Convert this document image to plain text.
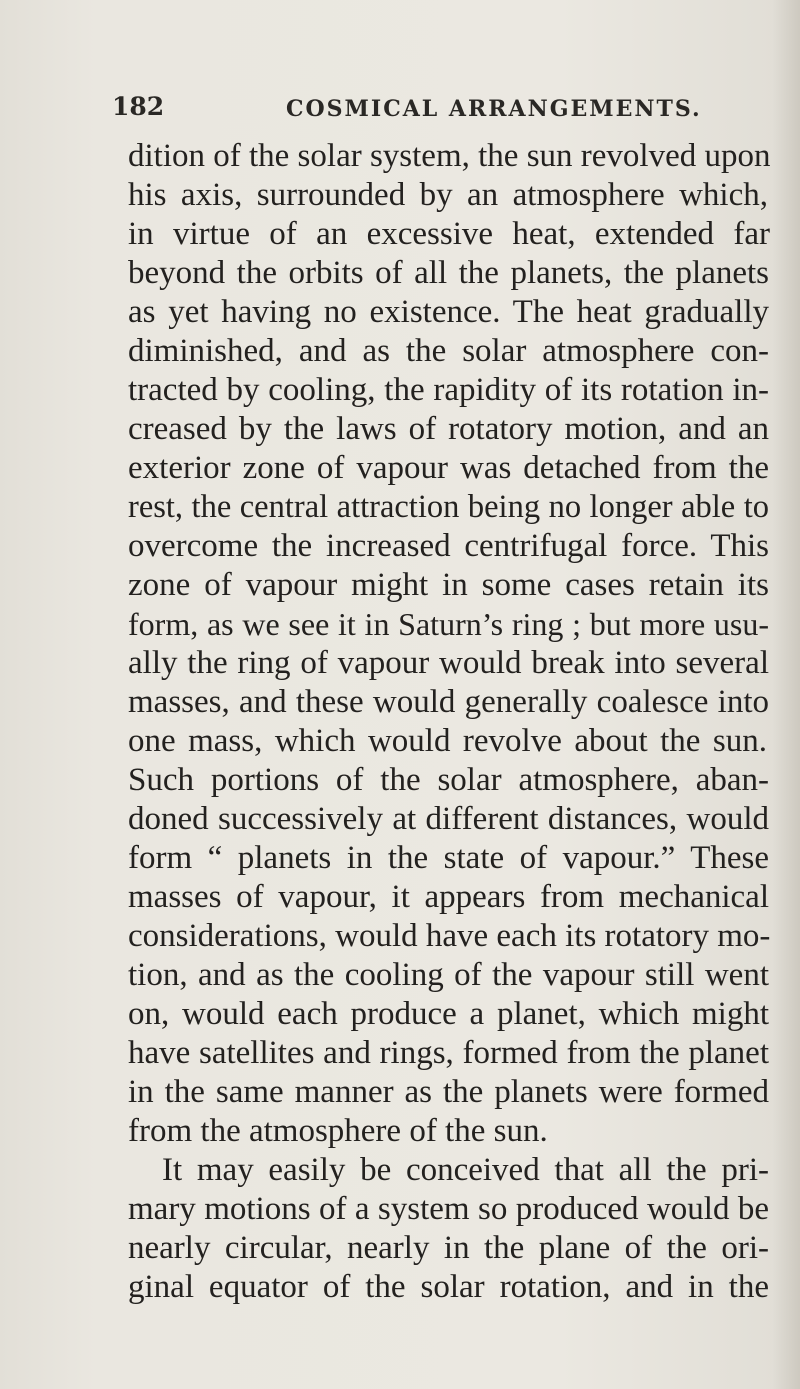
182	COSMICAL ARRANGEMENTS.
dition of the solar system, the sun revolved upon
his axis, surrounded by an atmosphere which,
in virtue of an excessive heat, extended far
beyond the orbits of all the planets, the planets
as yet having no existence. The heat gradually
diminished, and as the solar atmosphere con-
tracted by cooling, the rapidity of its rotation in-
creased by the laws of rotatory motion, and an
exterior zone of vapour was detached from the
rest, the central attraction being no longer able to
overcome the increased centrifugal force. This
zone of vapour might in some cases retain its
form, as we see it in Saturn’s ring ; but more usu-
ally the ring of vapour would break into several
masses, and these would generally coalesce into
one mass, which would revolve about the sun.
Such portions of the solar atmosphere, aban-
doned successively at different distances, would
form “ planets in the state of vapour.” These
masses of vapour, it appears from mechanical
considerations, would have each its rotatory mo-
tion, and as the cooling of the vapour still went
on, would each produce a planet, which might
have satellites and rings, formed from the planet
in the same manner as the planets were formed
from the atmosphere of the sun.
It may easily be conceived that all the pri-
mary motions of a system so produced would be
nearly circular, nearly in the plane of the ori-
ginal equator of the solar rotation, and in the
